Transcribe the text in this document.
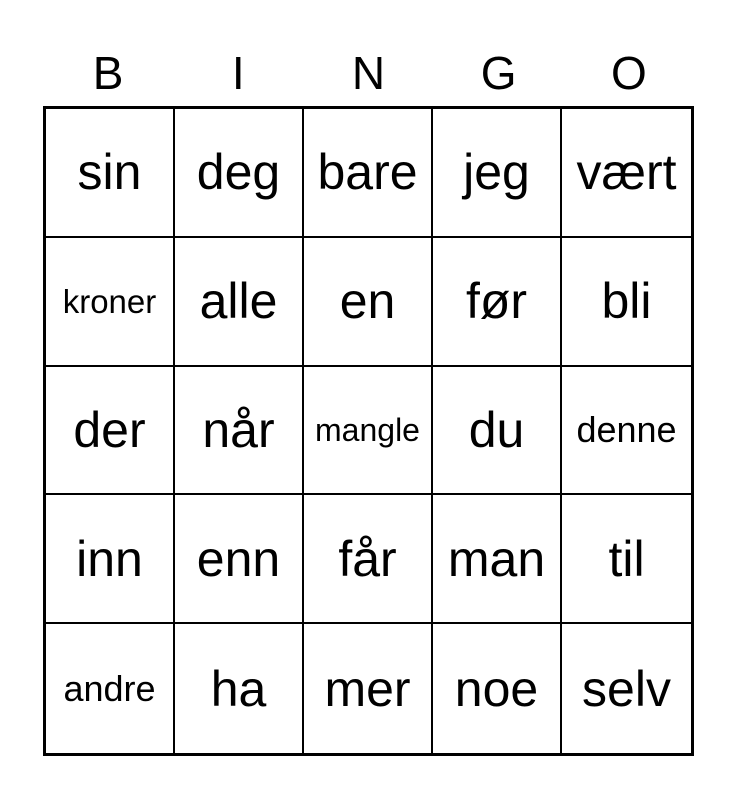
B	I	N	G	O
sin deg bare jeg vært
kroner alle en før bli
der når mangle du denne
inn enn får man til
andre ha mer noe selv
